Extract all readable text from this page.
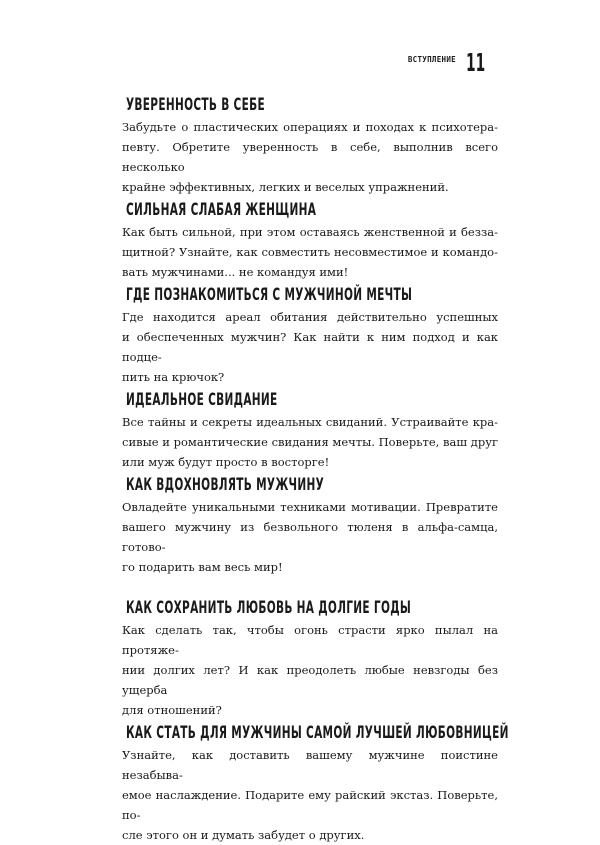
ВСТУПЛЕНИЕ 11
УВЕРЕННОСТЬ В СЕБЕ

Забудьте о пластических операциях и походах к психотера-
певту. Обретите уверенность в себе, выполнив всего несколько
крайне эффективных, легких и веселых упражнений.

СИЛЬНАЯ СЛАБАЯ ЖЕНЩИНА

Как быть сильной, при этом оставаясь женственной и безза-
щитной? Узнайте, как совместить несовместимое и командо-
вать мужчинами... не командуя ими!

ГДЕ ПОЗНАКОМИТЬСЯ С МУЖЧИНОЙ МЕЧТЫ

Где находится ареал обитания действительно успешных
и обеспеченных мужчин? Как найти к ним подход и как подце-
пить на крючок?

ИДЕАЛЬНОЕ СВИДАНИЕ

Все тайны и секреты идеальных свиданий. Устраивайте кра-
сивые и романтические свидания мечты. Поверьте, ваш друг
или муж будут просто в восторге!

КАК ВДОХНОВЛЯТЬ МУЖЧИНУ

Овладейте уникальными техниками мотивации. Превратите
вашего мужчину из безвольного тюленя в альфа-самца, готово-
го подарить вам весь мир!

КАК СОХРАНИТЬ ЛЮБОВЬ НА ДОЛГИЕ ГОДЫ

Как сделать так, чтобы огонь страсти ярко пылал на протяже-
нии долгих лет? И как преодолеть любые невзгоды без ущерба
для отношений?

КАК СТАТЬ ДЛЯ МУЖЧИНЫ САМОЙ ЛУЧШЕЙ ЛЮБОВНИЦЕЙ

Узнайте, как доставить вашему мужчине поистине незабыва-
емое наслаждение. Подарите ему райский экстаз. Поверьте, по-
сле этого он и думать забудет о других.
